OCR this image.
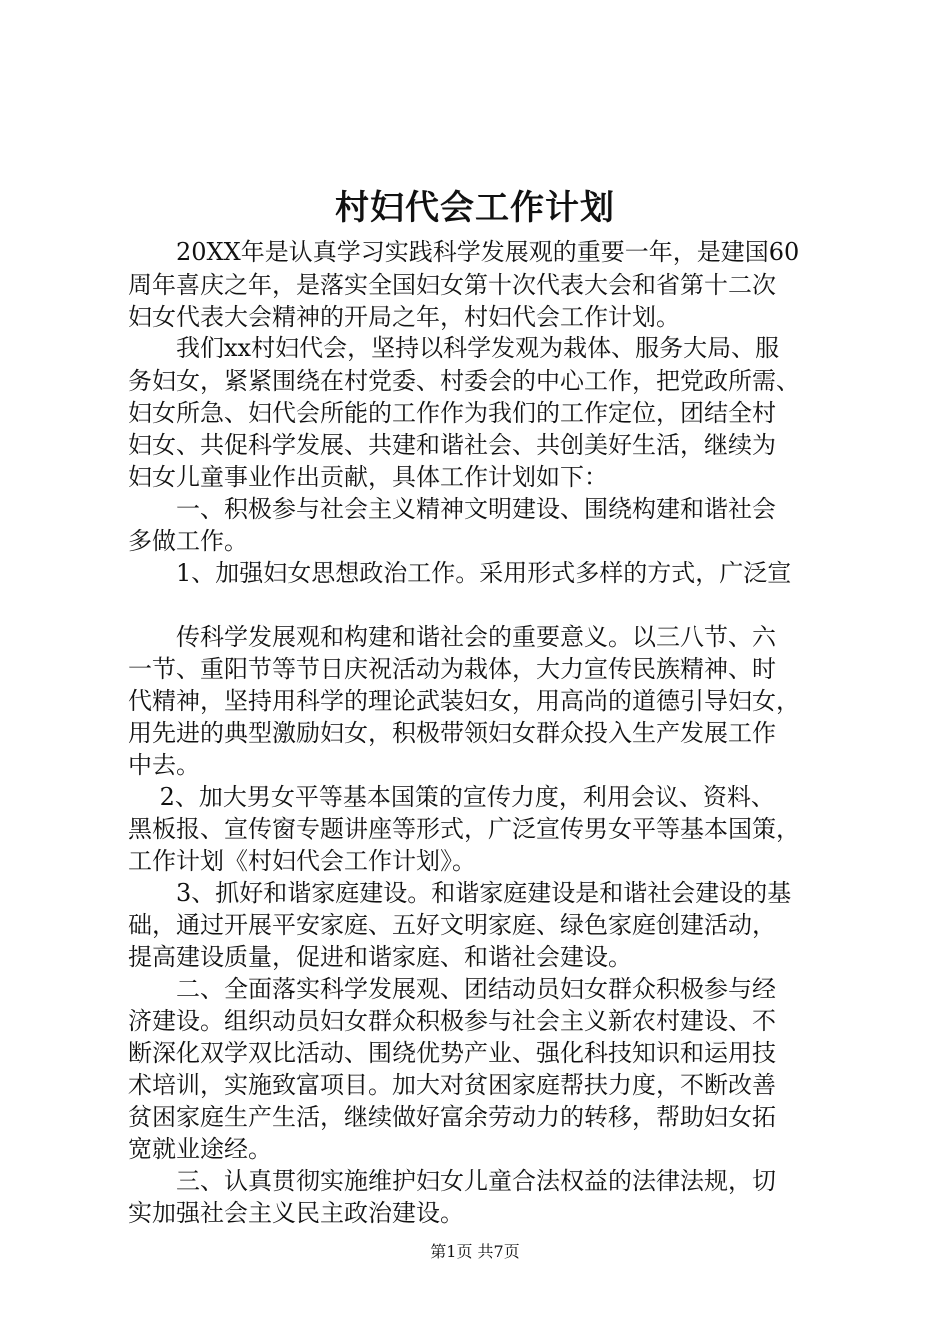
村妇代会工作计划
　　20XX年是认真学习实践科学发展观的重要一年，是建国60
周年喜庆之年，是落实全国妇女第十次代表大会和省第十二次
妇女代表大会精神的开局之年，村妇代会工作计划。
　　我们xx村妇代会，坚持以科学发观为栽体、服务大局、服
务妇女，紧紧围绕在村党委、村委会的中心工作，把党政所需、
妇女所急、妇代会所能的工作作为我们的工作定位，团结全村
妇女、共促科学发展、共建和谐社会、共创美好生活，继续为
妇女儿童事业作出贡献，具体工作计划如下：
　　一、积极参与社会主义精神文明建设、围绕构建和谐社会
多做工作。
　　1、加强妇女思想政治工作。采用形式多样的方式，广泛宣
　　传科学发展观和构建和谐社会的重要意义。以三八节、六
一节、重阳节等节日庆祝活动为栽体，大力宣传民族精神、时
代精神，坚持用科学的理论武装妇女，用高尚的道德引导妇女，
用先进的典型激励妇女，积极带领妇女群众投入生产发展工作
中去。
　 2、加大男女平等基本国策的宣传力度，利用会议、资料、
黑板报、宣传窗专题讲座等形式，广泛宣传男女平等基本国策，
工作计划《村妇代会工作计划》。
　　3、抓好和谐家庭建设。和谐家庭建设是和谐社会建设的基
础，通过开展平安家庭、五好文明家庭、绿色家庭创建活动，
提高建设质量，促进和谐家庭、和谐社会建设。
　　二、全面落实科学发展观、团结动员妇女群众积极参与经
济建设。组织动员妇女群众积极参与社会主义新农村建设、不
断深化双学双比活动、围绕优势产业、强化科技知识和运用技
术培训，实施致富项目。加大对贫困家庭帮扶力度，不断改善
贫困家庭生产生活，继续做好富余劳动力的转移，帮助妇女拓
宽就业途经。
　　三、认真贯彻实施维护妇女儿童合法权益的法律法规，切
实加强社会主义民主政治建设。
第1页 共7页
